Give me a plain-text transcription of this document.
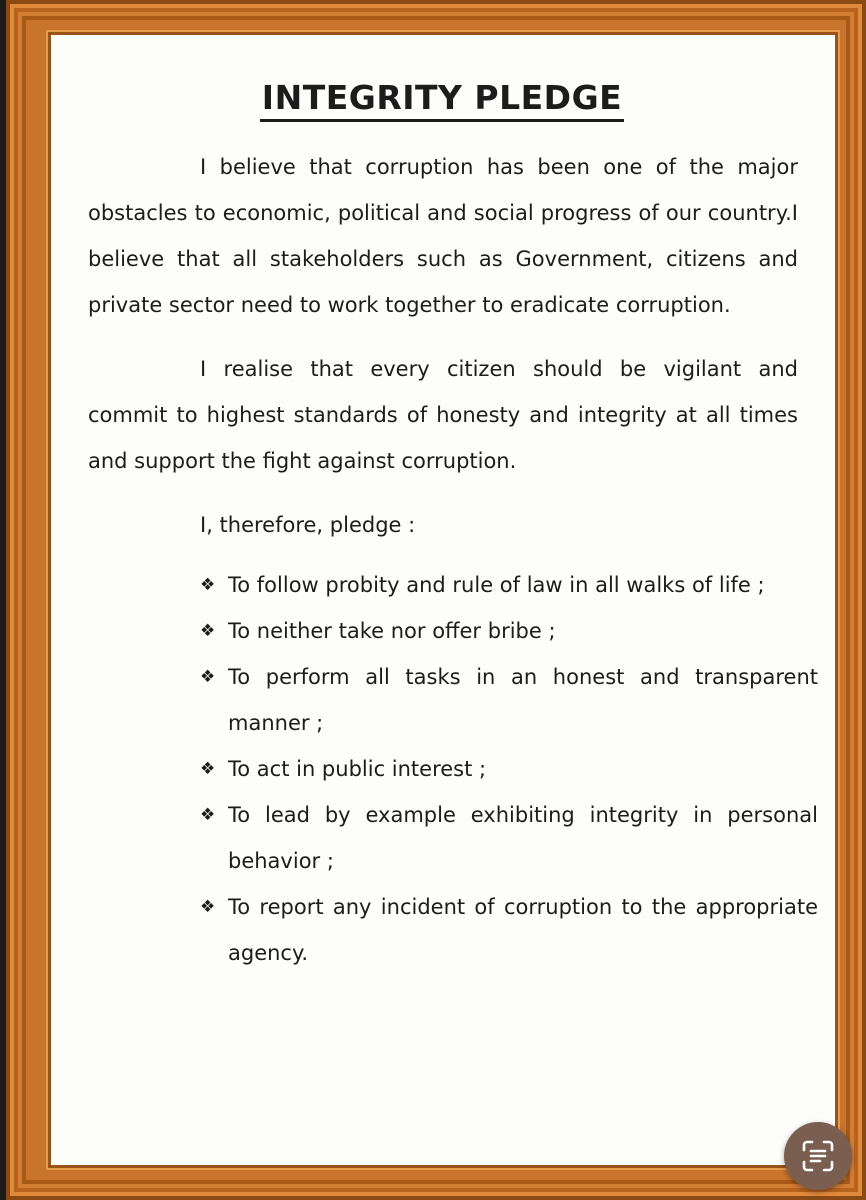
INTEGRITY PLEDGE

I believe that corruption has been one of the major obstacles to economic, political and social progress of our country.I believe that all stakeholders such as Government, citizens and private sector need to work together to eradicate corruption.

I realise that every citizen should be vigilant and commit to highest standards of honesty and integrity at all times and support the fight against corruption.

I, therefore, pledge :

❖ To follow probity and rule of law in all walks of life ;
❖ To neither take nor offer bribe ;
❖ To perform all tasks in an honest and transparent manner ;
❖ To act in public interest ;
❖ To lead by example exhibiting integrity in personal behavior ;
❖ To report any incident of corruption to the appropriate agency.
